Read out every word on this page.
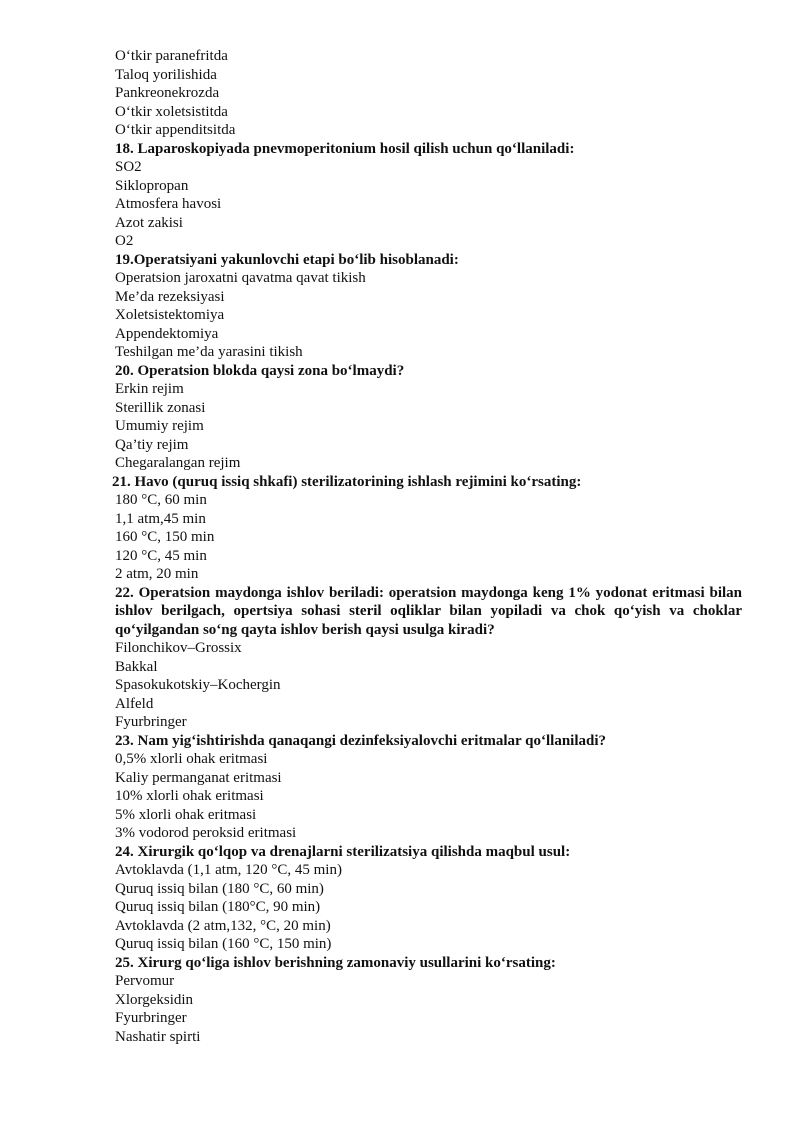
O‘tkir paranefritda
Taloq yorilishida
Pankreonekrozda
O‘tkir xoletsistitda
O‘tkir appenditsitda
18. Laparoskopiyada pnevmoperitonium hosil qilish uchun qo‘llaniladi:
SO2
Siklopropan
Atmosfera havosi
Azot zakisi
O2
19.Operatsiyani yakunlovchi etapi bo‘lib hisoblanadi:
Operatsion jaroxatni qavatma qavat tikish
Me’da rezeksiyasi
Xoletsistektomiya
Appendektomiya
Teshilgan me’da yarasini tikish
20. Operatsion blokda qaysi zona bo‘lmaydi?
Erkin rejim
Sterillik zonasi
Umumiy rejim
Qa’tiy rejim
Chegaralangan rejim
21. Havo (quruq issiq shkafi) sterilizatorining ishlash rejimini ko‘rsating:
180 °C, 60 min
1,1 atm,45 min
160 °C, 150 min
120 °C, 45 min
2 atm, 20 min
22. Operatsion maydonga ishlov beriladi: operatsion maydonga keng 1% yodonat eritmasi bilan ishlov berilgach, opertsiya sohasi steril oqliklar bilan yopiladi va chok qo‘yish va choklar qo‘yilgandan so‘ng qayta ishlov berish qaysi usulga kiradi?
Filonchikov–Grossix
Bakkal
Spasokukotskiy–Kochergin
Alfeld
Fyurbringer
23. Nam yig‘ishtirishda qanaqangi dezinfeksiyalovchi eritmalar qo‘llaniladi?
0,5% xlorli ohak eritmasi
Kaliy permanganat eritmasi
10% xlorli ohak eritmasi
5% xlorli ohak eritmasi
3% vodorod peroksid eritmasi
24. Xirurgik qo‘lqop va drenajlarni sterilizatsiya qilishda maqbul usul:
Avtoklavda (1,1 atm, 120 °C, 45 min)
Quruq issiq bilan (180 °C, 60 min)
Quruq issiq bilan (180°C, 90 min)
Avtoklavda (2 atm,132, °C, 20 min)
Quruq issiq bilan (160 °C, 150 min)
25. Xirurg qo‘liga ishlov berishning zamonaviy usullarini ko‘rsating:
Pervomur
Xlorgeksidin
Fyurbringer
Nashatir spirti
